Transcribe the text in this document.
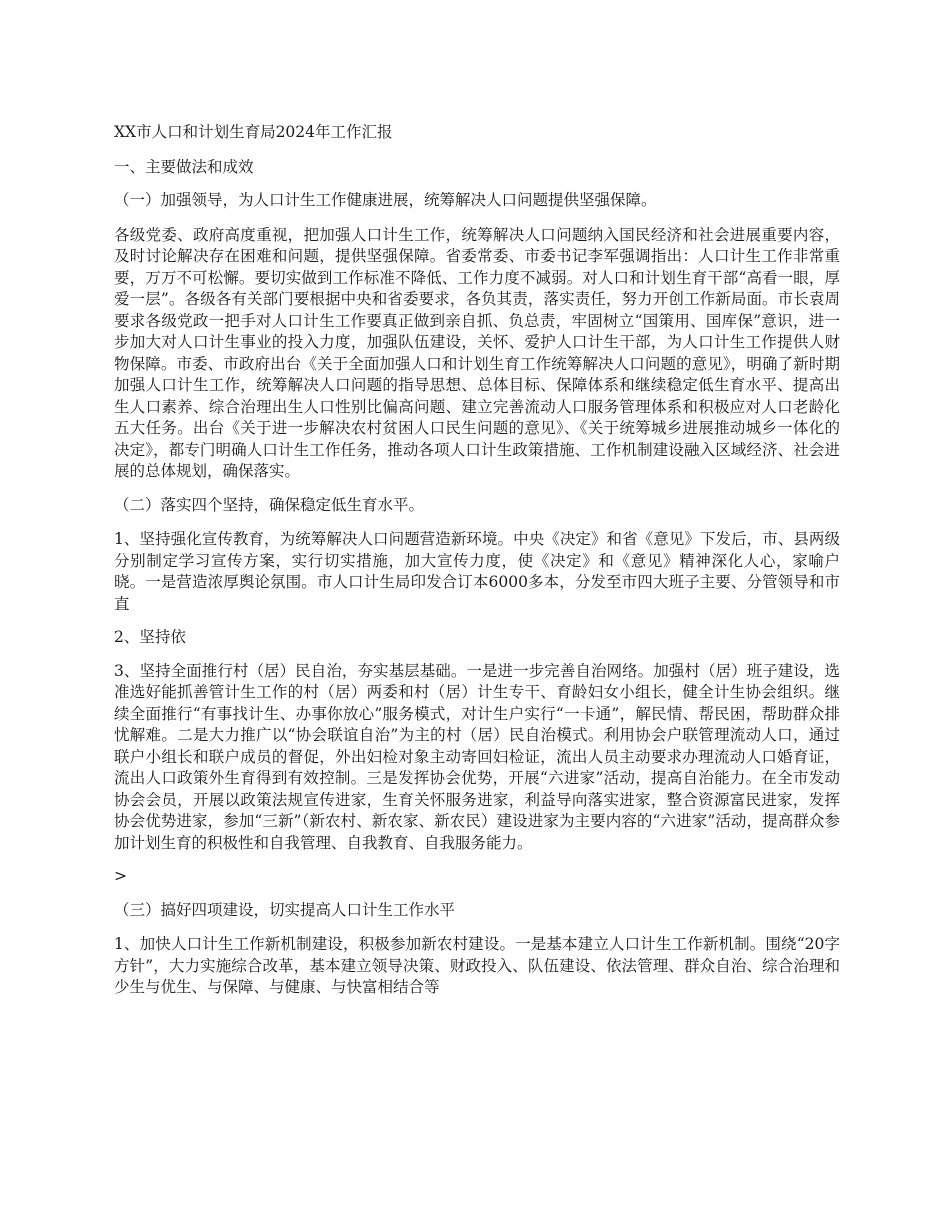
XX市人口和计划生育局2024年工作汇报

一、主要做法和成效

（一）加强领导，为人口计生工作健康进展，统筹解决人口问题提供坚强保障。

各级党委、政府高度重视，把加强人口计生工作，统筹解决人口问题纳入国民经济和社会进展重要内容，及时讨论解决存在困难和问题，提供坚强保障。省委常委、市委书记李军强调指出：人口计生工作非常重要，万万不可松懈。要切实做到工作标准不降低、工作力度不减弱。对人口和计划生育干部“高看一眼，厚爱一层”。各级各有关部门要根据中央和省委要求，各负其责，落实责任，努力开创工作新局面。市长袁周要求各级党政一把手对人口计生工作要真正做到亲自抓、负总责，牢固树立“国策用、国库保”意识，进一步加大对人口计生事业的投入力度，加强队伍建设，关怀、爱护人口计生干部，为人口计生工作提供人财物保障。市委、市政府出台《关于全面加强人口和计划生育工作统筹解决人口问题的意见》，明确了新时期加强人口计生工作，统筹解决人口问题的指导思想、总体目标、保障体系和继续稳定低生育水平、提高出生人口素养、综合治理出生人口性别比偏高问题、建立完善流动人口服务管理体系和积极应对人口老龄化五大任务。出台《关于进一步解决农村贫困人口民生问题的意见》、《关于统筹城乡进展推动城乡一体化的决定》，都专门明确人口计生工作任务，推动各项人口计生政策措施、工作机制建设融入区域经济、社会进展的总体规划，确保落实。

（二）落实四个坚持，确保稳定低生育水平。

1、坚持强化宣传教育，为统筹解决人口问题营造新环境。中央《决定》和省《意见》下发后，市、县两级分别制定学习宣传方案，实行切实措施，加大宣传力度，使《决定》和《意见》精神深化人心，家喻户晓。一是营造浓厚舆论氛围。市人口计生局印发合订本6000多本，分发至市四大班子主要、分管领导和市直

2、坚持依

3、坚持全面推行村（居）民自治，夯实基层基础。一是进一步完善自治网络。加强村（居）班子建设，选准选好能抓善管计生工作的村（居）两委和村（居）计生专干、育龄妇女小组长，健全计生协会组织。继续全面推行“有事找计生、办事你放心”服务模式，对计生户实行“一卡通”，解民情、帮民困，帮助群众排忧解难。二是大力推广以“协会联谊自治”为主的村（居）民自治模式。利用协会户联管理流动人口，通过联户小组长和联户成员的督促，外出妇检对象主动寄回妇检证，流出人员主动要求办理流动人口婚育证，流出人口政策外生育得到有效控制。三是发挥协会优势，开展“六进家”活动，提高自治能力。在全市发动协会会员，开展以政策法规宣传进家，生育关怀服务进家，利益导向落实进家，整合资源富民进家，发挥协会优势进家，参加“三新”（新农村、新农家、新农民）建设进家为主要内容的“六进家”活动，提高群众参加计划生育的积极性和自我管理、自我教育、自我服务能力。

>

（三）搞好四项建设，切实提高人口计生工作水平

1、加快人口计生工作新机制建设，积极参加新农村建设。一是基本建立人口计生工作新机制。围绕“20字方针”，大力实施综合改革，基本建立领导决策、财政投入、队伍建设、依法管理、群众自治、综合治理和少生与优生、与保障、与健康、与快富相结合等
